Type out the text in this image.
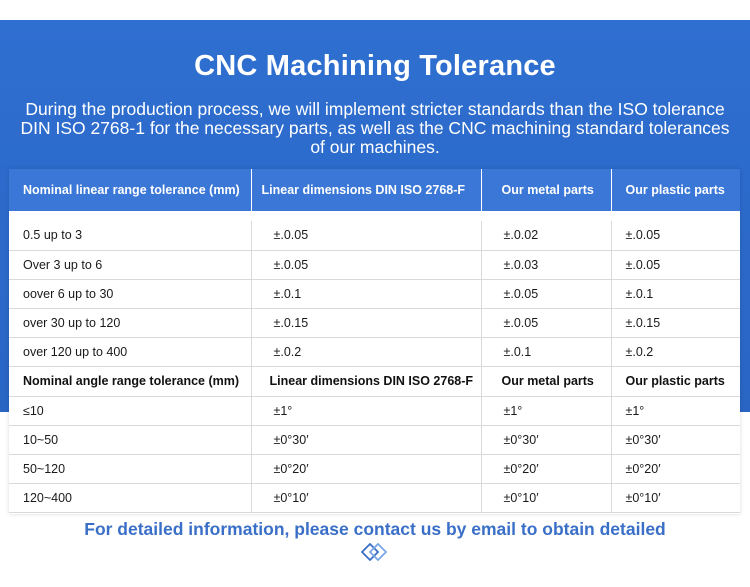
CNC Machining Tolerance
During the production process, we will implement stricter standards than the ISO tolerance DIN ISO 2768-1 for the necessary parts, as well as the CNC machining standard tolerances of our machines.
Nominal linear range tolerance (mm)	Linear dimensions DIN ISO 2768-F	Our metal parts	Our plastic parts

0.5 up to 3	±.0.05	±.0.02	±.0.05
Over 3 up to 6	±.0.05	±.0.03	±.0.05
oover 6 up to 30	±.0.1	±.0.05	±.0.1
over 30 up to 120	±.0.15	±.0.05	±.0.15
over 120 up to 400	±.0.2	±.0.1	±.0.2
Nominal angle range tolerance (mm)	Linear dimensions DIN ISO 2768-F	Our metal parts	Our plastic parts
≤10	±1°	±1°	±1°
10~50	±0°30′	±0°30′	±0°30′
50~120	±0°20′	±0°20′	±0°20′
120~400	±0°10′	±0°10′	±0°10′
For detailed information, please contact us by email to obtain detailed
